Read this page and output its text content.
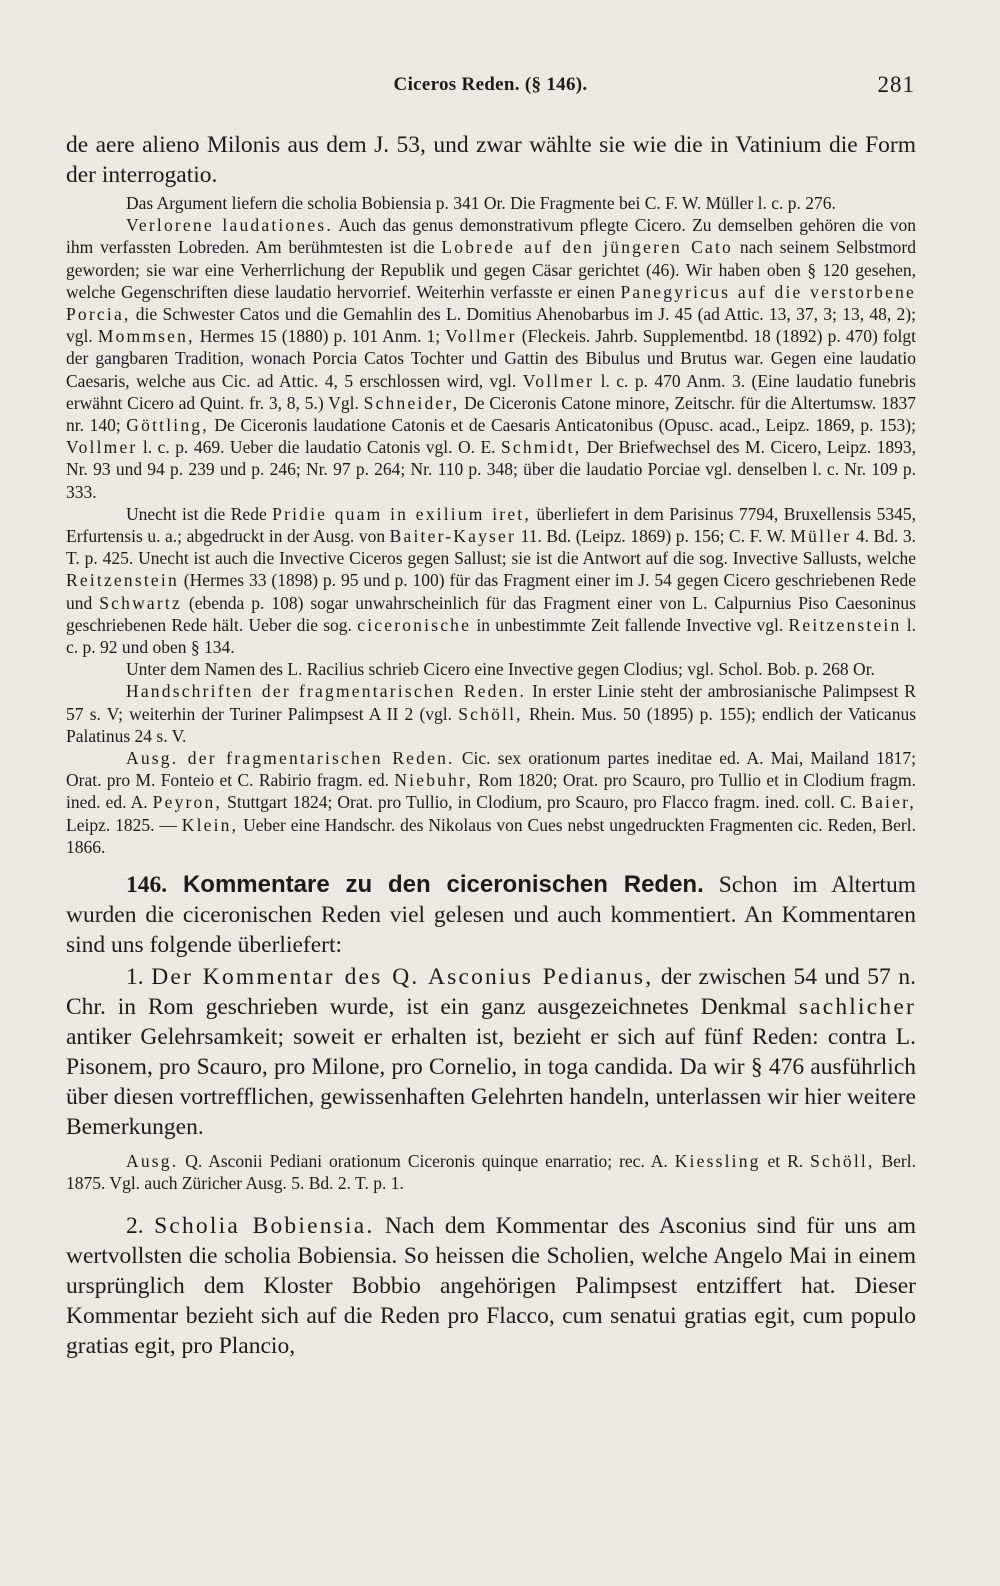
Ciceros Reden. (§ 146).	281

de aere alieno Milonis aus dem J. 53, und zwar wählte sie wie die in Vatinium die Form der interrogatio.

Das Argument liefern die scholia Bobiensia p. 341 Or. Die Fragmente bei C. F. W. Müller l. c. p. 276.

Verlorene laudationes. Auch das genus demonstrativum pflegte Cicero. Zu demselben gehören die von ihm verfassten Lobreden. Am berühmtesten ist die Lobrede auf den jüngeren Cato nach seinem Selbstmord geworden; sie war eine Verherrlichung der Republik und gegen Cäsar gerichtet (46). Wir haben oben § 120 gesehen, welche Gegenschriften diese laudatio hervorrief. Weiterhin verfasste er einen Panegyricus auf die verstorbene Porcia, die Schwester Catos und die Gemahlin des L. Domitius Ahenobarbus im J. 45 (ad Attic. 13, 37, 3; 13, 48, 2); vgl. Mommsen, Hermes 15 (1880) p. 101 Anm. 1; Vollmer (Fleckeis. Jahrb. Supplementbd. 18 (1892) p. 470) folgt der gangbaren Tradition, wonach Porcia Catos Tochter und Gattin des Bibulus und Brutus war. Gegen eine laudatio Caesaris, welche aus Cic. ad Attic. 4, 5 erschlossen wird, vgl. Vollmer l. c. p. 470 Anm. 3. (Eine laudatio funebris erwähnt Cicero ad Quint. fr. 3, 8, 5.) Vgl. Schneider, De Ciceronis Catone minore, Zeitschr. für die Altertumsw. 1837 nr. 140; Göttling, De Ciceronis laudatione Catonis et de Caesaris Anticatonibus (Opusc. acad., Leipz. 1869, p. 153); Vollmer l. c. p. 469. Ueber die laudatio Catonis vgl. O. E. Schmidt, Der Briefwechsel des M. Cicero, Leipz. 1893, Nr. 93 und 94 p. 239 und p. 246; Nr. 97 p. 264; Nr. 110 p. 348; über die laudatio Porciae vgl. denselben l. c. Nr. 109 p. 333.

Unecht ist die Rede Pridie quam in exilium iret, überliefert in dem Parisinus 7794, Bruxellensis 5345, Erfurtensis u. a.; abgedruckt in der Ausg. von Baiter-Kayser 11. Bd. (Leipz. 1869) p. 156; C. F. W. Müller 4. Bd. 3. T. p. 425. Unecht ist auch die Invective Ciceros gegen Sallust; sie ist die Antwort auf die sog. Invective Sallusts, welche Reitzenstein (Hermes 33 (1898) p. 95 und p. 100) für das Fragment einer im J. 54 gegen Cicero geschriebenen Rede und Schwartz (ebenda p. 108) sogar unwahrscheinlich für das Fragment einer von L. Calpurnius Piso Caesoninus geschriebenen Rede hält. Ueber die sog. ciceronische in unbestimmte Zeit fallende Invective vgl. Reitzenstein l. c. p. 92 und oben § 134.

Unter dem Namen des L. Racilius schrieb Cicero eine Invective gegen Clodius; vgl. Schol. Bob. p. 268 Or.

Handschriften der fragmentarischen Reden. In erster Linie steht der ambrosianische Palimpsest R 57 s. V; weiterhin der Turiner Palimpsest A II 2 (vgl. Schöll, Rhein. Mus. 50 (1895) p. 155); endlich der Vaticanus Palatinus 24 s. V.

Ausg. der fragmentarischen Reden. Cic. sex orationum partes ineditae ed. A. Mai, Mailand 1817; Orat. pro M. Fonteio et C. Rabirio fragm. ed. Niebuhr, Rom 1820; Orat. pro Scauro, pro Tullio et in Clodium fragm. ined. ed. A. Peyron, Stuttgart 1824; Orat. pro Tullio, in Clodium, pro Scauro, pro Flacco fragm. ined. coll. C. Baier, Leipz. 1825. — Klein, Ueber eine Handschr. des Nikolaus von Cues nebst ungedruckten Fragmenten cic. Reden, Berl. 1866.

146. Kommentare zu den ciceronischen Reden. Schon im Altertum wurden die ciceronischen Reden viel gelesen und auch kommentiert. An Kommentaren sind uns folgende überliefert:

1. Der Kommentar des Q. Asconius Pedianus, der zwischen 54 und 57 n. Chr. in Rom geschrieben wurde, ist ein ganz ausgezeichnetes Denkmal sachlicher antiker Gelehrsamkeit; soweit er erhalten ist, bezieht er sich auf fünf Reden: contra L. Pisonem, pro Scauro, pro Milone, pro Cornelio, in toga candida. Da wir § 476 ausführlich über diesen vortrefflichen, gewissenhaften Gelehrten handeln, unterlassen wir hier weitere Bemerkungen.

Ausg. Q. Asconii Pediani orationum Ciceronis quinque enarratio; rec. A. Kiessling et R. Schöll, Berl. 1875. Vgl. auch Züricher Ausg. 5. Bd. 2. T. p. 1.

2. Scholia Bobiensia. Nach dem Kommentar des Asconius sind für uns am wertvollsten die scholia Bobiensia. So heissen die Scholien, welche Angelo Mai in einem ursprünglich dem Kloster Bobbio angehörigen Palimpsest entziffert hat. Dieser Kommentar bezieht sich auf die Reden pro Flacco, cum senatui gratias egit, cum populo gratias egit, pro Plancio,
